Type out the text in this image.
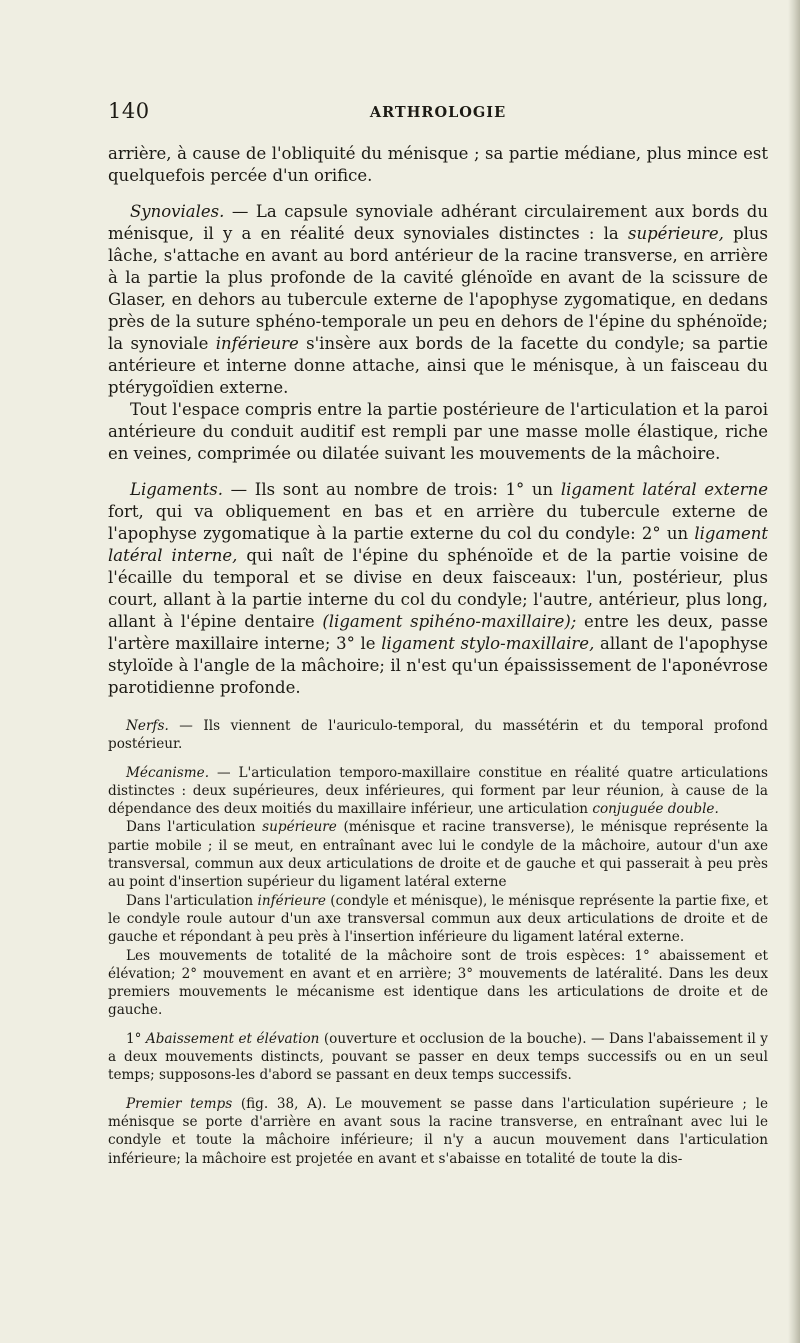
140	ARTHROLOGIE

arrière, à cause de l'obliquité du ménisque ; sa partie médiane, plus mince est quelquefois percée d'un orifice.

Synoviales. — La capsule synoviale adhérant circulairement aux bords du ménisque, il y a en réalité deux synoviales distinctes : la supérieure, plus lâche, s'attache en avant au bord antérieur de la racine transverse, en arrière à la partie la plus profonde de la cavité glénoïde en avant de la scissure de Glaser, en dehors au tubercule externe de l'apophyse zygomatique, en dedans près de la suture sphéno-temporale un peu en dehors de l'épine du sphénoïde; la synoviale inférieure s'insère aux bords de la facette du condyle; sa partie antérieure et interne donne attache, ainsi que le ménisque, à un faisceau du ptérygoïdien externe.

Tout l'espace compris entre la partie postérieure de l'articulation et la paroi antérieure du conduit auditif est rempli par une masse molle élastique, riche en veines, comprimée ou dilatée suivant les mouvements de la mâchoire.

Ligaments. — Ils sont au nombre de trois: 1° un ligament latéral externe fort, qui va obliquement en bas et en arrière du tubercule externe de l'apophyse zygomatique à la partie externe du col du condyle: 2° un ligament latéral interne, qui naît de l'épine du sphénoïde et de la partie voisine de l'écaille du temporal et se divise en deux faisceaux: l'un, postérieur, plus court, allant à la partie interne du col du condyle; l'autre, antérieur, plus long, allant à l'épine dentaire (ligament spihéno-maxillaire); entre les deux, passe l'artère maxillaire interne; 3° le ligament stylo-maxillaire, allant de l'apophyse styloïde à l'angle de la mâchoire; il n'est qu'un épaississement de l'aponévrose parotidienne profonde.

Nerfs. — Ils viennent de l'auriculo-temporal, du massétérin et du temporal profond postérieur.

Mécanisme. — L'articulation temporo-maxillaire constitue en réalité quatre articulations distinctes : deux supérieures, deux inférieures, qui forment par leur réunion, à cause de la dépendance des deux moitiés du maxillaire inférieur, une articulation conjuguée double.

Dans l'articulation supérieure (ménisque et racine transverse), le ménisque représente la partie mobile ; il se meut, en entraînant avec lui le condyle de la mâchoire, autour d'un axe transversal, commun aux deux articulations de droite et de gauche et qui passerait à peu près au point d'insertion supérieur du ligament latéral externe

Dans l'articulation inférieure (condyle et ménisque), le ménisque représente la partie fixe, et le condyle roule autour d'un axe transversal commun aux deux articulations de droite et de gauche et répondant à peu près à l'insertion inférieure du ligament latéral externe.

Les mouvements de totalité de la mâchoire sont de trois espèces: 1° abaissement et élévation; 2° mouvement en avant et en arrière; 3° mouvements de latéralité. Dans les deux premiers mouvements le mécanisme est identique dans les articulations de droite et de gauche.

1° Abaissement et élévation (ouverture et occlusion de la bouche). — Dans l'abaissement il y a deux mouvements distincts, pouvant se passer en deux temps successifs ou en un seul temps; supposons-les d'abord se passant en deux temps successifs.

Premier temps (fig. 38, A). Le mouvement se passe dans l'articulation supérieure ; le ménisque se porte d'arrière en avant sous la racine transverse, en entraînant avec lui le condyle et toute la mâchoire inférieure; il n'y a aucun mouvement dans l'articulation inférieure; la mâchoire est projetée en avant et s'abaisse en totalité de toute la dis-
